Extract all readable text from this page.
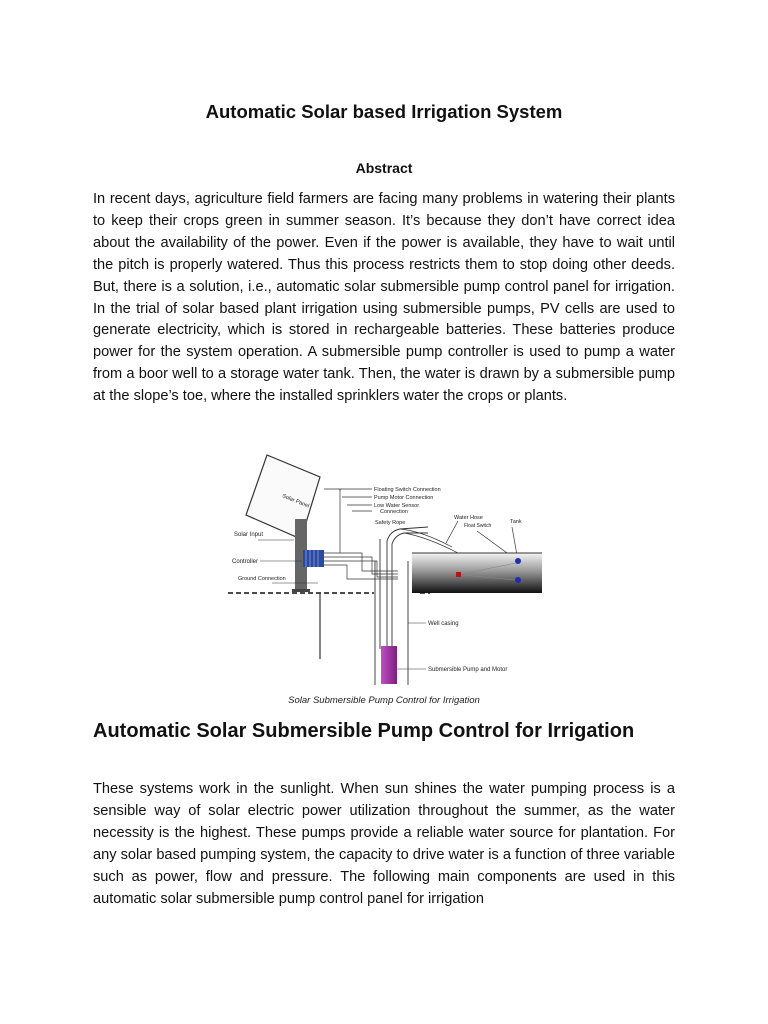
Automatic Solar based Irrigation System
Abstract

In recent days, agriculture field farmers are facing many problems in watering their plants to keep their crops green in summer season. It’s because they don’t have correct idea about the availability of the power. Even if the power is available, they have to wait until the pitch is properly watered. Thus this process restricts them to stop doing other deeds. But, there is a solution, i.e., automatic solar submersible pump control panel for irrigation. In the trial of solar based plant irrigation using submersible pumps, PV cells are used to generate electricity, which is stored in rechargeable batteries. These batteries produce power for the system operation. A submersible pump controller is used to pump a water from a boor well to a storage water tank. Then, the water is drawn by a submersible pump at the slope’s toe, where the installed sprinklers water the crops or plants.

Solar Panel
Solar Input
Controller
Ground Connection
Floating Switch Connection
Pump Motor Connection
Low Water Sensor
Connection
Safety Rope
Water Hose
Float Switch
Tank
Well casing
Submersible Pump and Motor

Solar Submersible Pump Control for Irrigation

Automatic Solar Submersible Pump Control for Irrigation

These systems work in the sunlight. When sun shines the water pumping process is a sensible way of solar electric power utilization throughout the summer, as the water necessity is the highest. These pumps provide a reliable water source for plantation. For any solar based pumping system, the capacity to drive water is a function of three variable such as power, flow and pressure. The following main components are used in this automatic solar submersible pump control panel for irrigation
